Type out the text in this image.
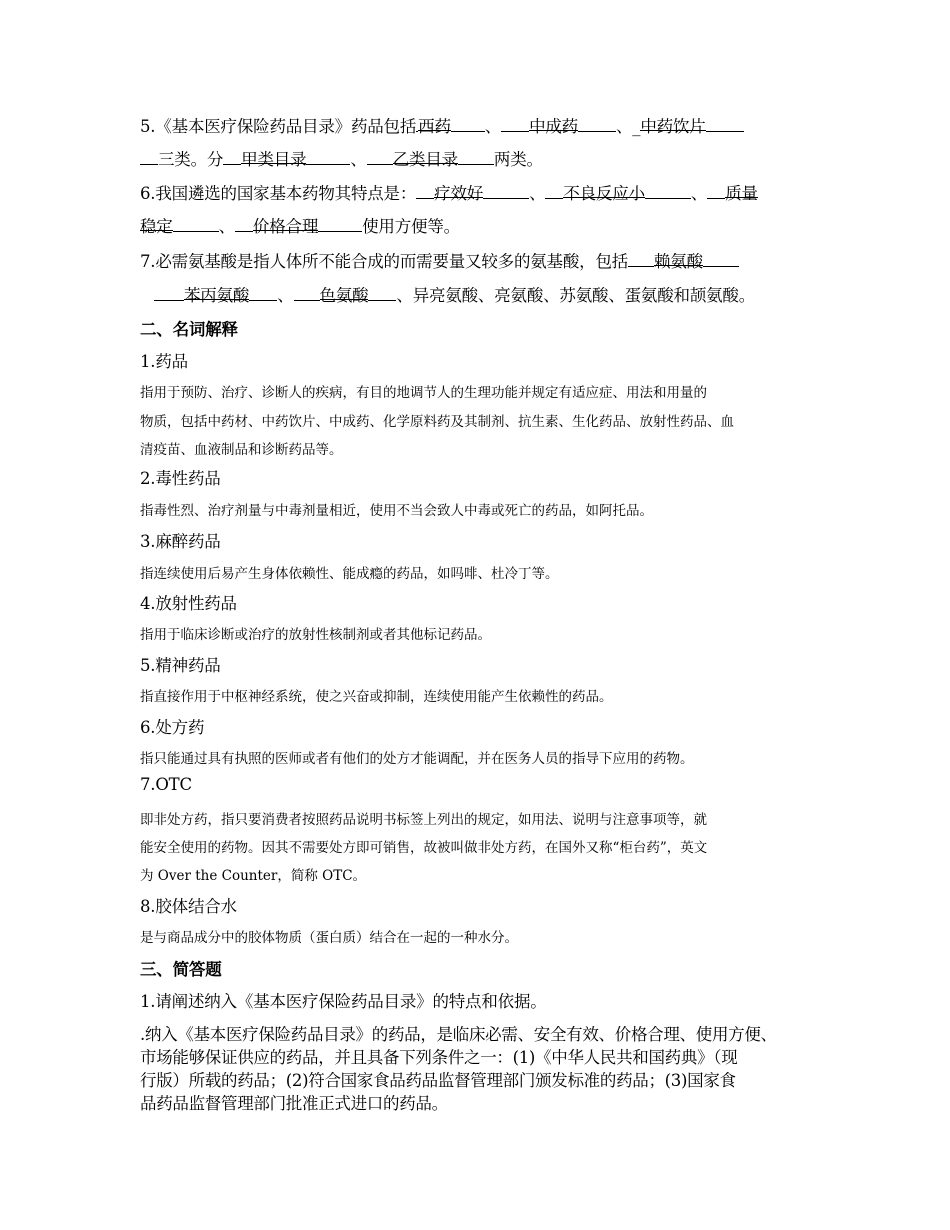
5.《基本医疗保险药品目录》药品包括 西药 、 中成药 、_中药饮片
三类。分 甲类目录	、 乙类目录 两类。
6.我国遴选的国家基本药物其特点是： 疗效好	、 不良反应小	、 质量
稳定	、 价格合理	使用方便等。
7.必需氨基酸是指人体所不能合成的而需要量又较多的氨基酸，包括 赖氨酸
苯丙氨酸 、 色氨酸 、异亮氨酸、亮氨酸、苏氨酸、蛋氨酸和颉氨酸。
二、名词解释
1.药品
指用于预防、治疗、诊断人的疾病，有目的地调节人的生理功能并规定有适应症、用法和用量的
物质，包括中药材、中药饮片、中成药、化学原料药及其制剂、抗生素、生化药品、放射性药品、血
清疫苗、血液制品和诊断药品等。
2.毒性药品
指毒性烈、治疗剂量与中毒剂量相近，使用不当会致人中毒或死亡的药品，如阿托品。
3.麻醉药品
指连续使用后易产生身体依赖性、能成瘾的药品，如吗啡、杜冷丁等。
4.放射性药品
指用于临床诊断或治疗的放射性核制剂或者其他标记药品。
5.精神药品
指直接作用于中枢神经系统，使之兴奋或抑制，连续使用能产生依赖性的药品。
6.处方药
指只能通过具有执照的医师或者有他们的处方才能调配，并在医务人员的指导下应用的药物。
7.OTC
即非处方药，指只要消费者按照药品说明书标签上列出的规定，如用法、说明与注意事项等，就
能安全使用的药物。因其不需要处方即可销售，故被叫做非处方药，在国外又称“柜台药”，英文
为 Over the Counter，简称 OTC。
8.胶体结合水
是与商品成分中的胶体物质（蛋白质）结合在一起的一种水分。
三、简答题
1.请阐述纳入《基本医疗保险药品目录》的特点和依据。
.纳入《基本医疗保险药品目录》的药品，是临床必需、安全有效、价格合理、使用方便、
市场能够保证供应的药品，并且具备下列条件之一：(1)《中华人民共和国药典》（现
行版）所载的药品；(2)符合国家食品药品监督管理部门颁发标准的药品；(3)国家食
品药品监督管理部门批准正式进口的药品。
